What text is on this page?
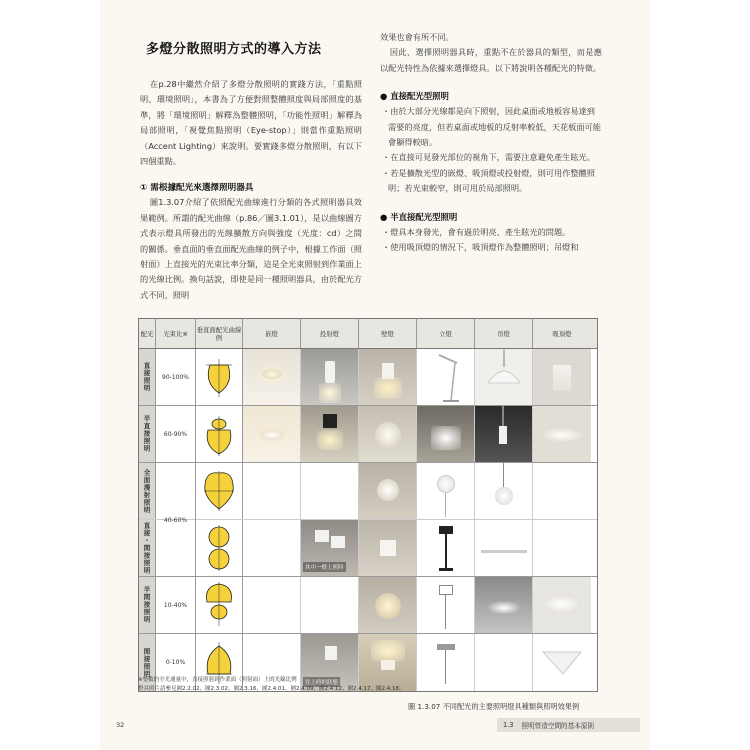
多燈分散照明方式的導入方法

在p.28中繼然介紹了多燈分散照明的實踐方法，「重點照明、環境照明」，本書為了方便對照整體照度與局部照度的基準，將「環境照明」解釋為整體照明，「功能性照明」解釋為局部照明，「視覺焦點照明（Eye-stop）」則當作重點照明（Accent Lighting）來說明。要實踐多燈分散照明，有以下四個重點。

① 需根據配光來選擇照明器具

圖1.3.07介紹了依照配光曲線進行分類的各式照明器具效果範例。所謂的配光曲線（p.86／圖3.1.01），是以曲線圖方式表示燈具所發出的光線擴散方向與強度（光度：cd）之間的關係。垂直面的垂直面配光曲線的例子中，根據工作面（照射面）上直接光的光束比率分類，這是全光束照射到作業面上的光線比例。換句話說，即使是同一種照明器具，由於配光方式不同，照明

效果也會有所不同。

因此，選擇照明器具時，重點不在於器具的類型，而是應以配光特性為依據來選擇燈具。以下將說明各種配光的特徵。

● 直接配光型照明
・ 由於大部分光線都是向下照射，因此桌面或地板容易達到需要的亮度，但若桌面或地板的反射率較低，天花板面可能會顯得較暗。
・ 在直接可見發光部位的視角下，需要注意避免產生眩光。
・ 若是擴散光型的嵌燈、吸頂燈或投射燈，則可用作整體照明；若光束較窄，則可用於局部照明。
● 半直接配光型照明
・ 燈具本身發光，會有過於明亮、產生眩光的問題。
・ 使用吸頂燈的情況下，吸頂燈作為整體照明；吊燈和
配光	光束比※	垂直面配光曲線例	嵌燈	投射燈	壁燈	立燈	吊燈	吸頂燈
直接照明	90-100%
半直接照明	60-90%
全面漫射照明
直接・間接照明
40-60%
其中一燈上照時
半間接照明	10-40%
間接照明	0-10%
往上時的狀態
※整數的全光通量中，直接照射到作業面（照射面）上的光線比例
燈具照片請參見圖2.2.02、圖2.3.02、圖2.3.16、圖2.4.01、圖2.4.09、圖2.4.12、圖2.4.17、圖2.4.18。
圖 1.3.07 不同配光的主要照明燈具種類與照明效果例
32	1.3 照明營造空間的基本原則
